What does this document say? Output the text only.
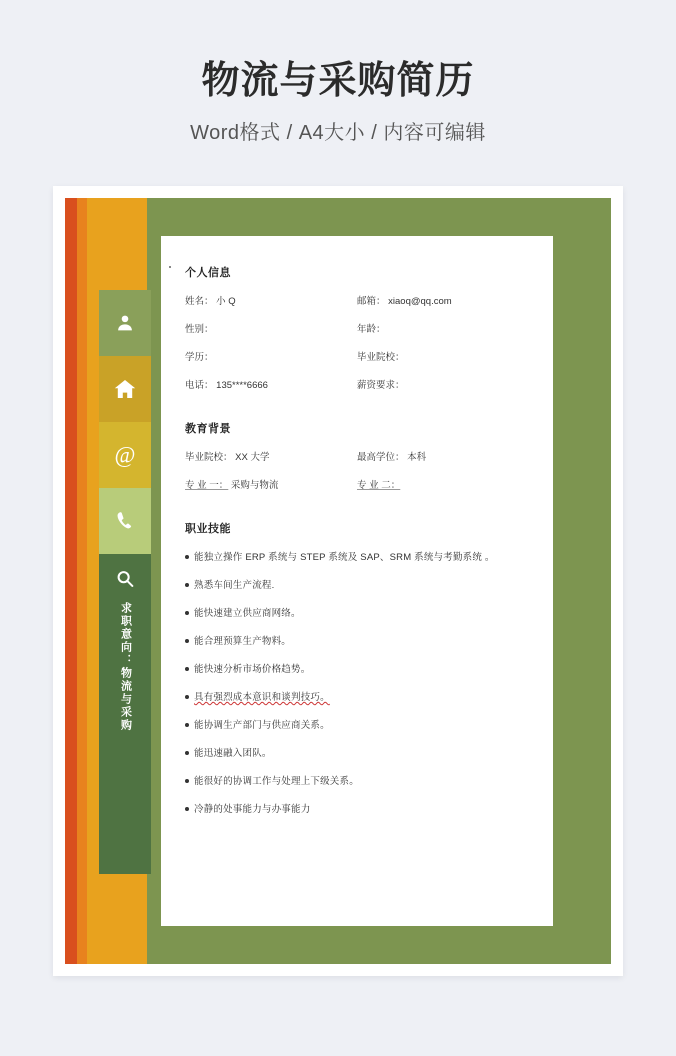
物流与采购简历
Word格式 / A4大小 / 内容可编辑
@
求职意向：物流与采购
个人信息
姓名： 小 Q	邮箱： xiaoq@qq.com
性别：	年龄：
学历：	毕业院校：
电话： 135****6666	薪资要求：
教育背景
毕业院校： XX 大学	最高学位： 本科
专 业 一： 采购与物流	专 业 二：
职业技能
能独立操作 ERP 系统与 STEP 系统及 SAP、SRM 系统与考勤系统 。
熟悉车间生产流程.
能快速建立供应商网络。
能合理预算生产物料。
能快速分析市场价格趋势。
具有强烈成本意识和谈判技巧。
能协调生产部门与供应商关系。
能迅速融入团队。
能很好的协调工作与处理上下级关系。
冷静的处事能力与办事能力
